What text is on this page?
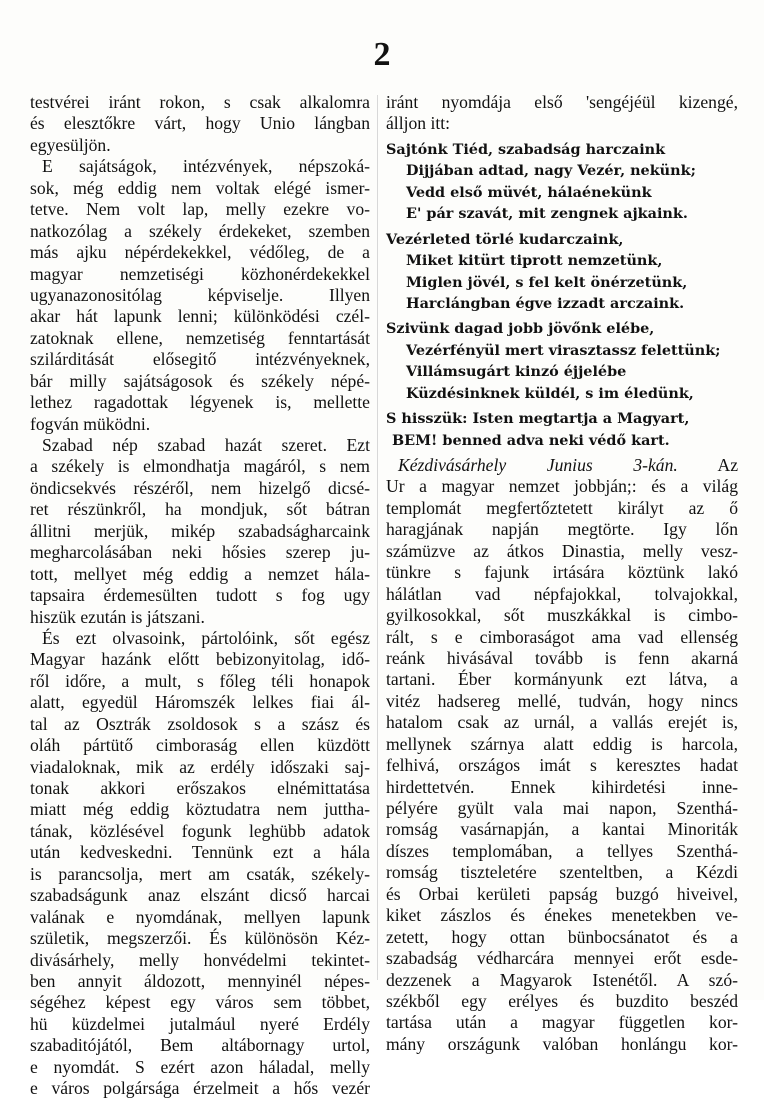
2
testvérei iránt rokon, s csak alkalomra
és elesztőkre várt, hogy Unio lángban
egyesüljön.
E sajátságok, intézvények, népszoká-
sok, még eddig nem voltak elégé ismer-
tetve. Nem volt lap, melly ezekre vo-
natkozólag a székely érdekeket, szemben
más ajku népérdekekkel, védőleg, de a
magyar nemzetiségi közhonérdekekkel
ugyanazonositólag képviselje. Illyen
akar hát lapunk lenni; különködési czél-
zatoknak ellene, nemzetiség fenntartását
szilárditását elősegitő intézvényeknek,
bár milly sajátságosok és székely népé-
lethez ragadottak légyenek is, mellette
fogván müködni.
Szabad nép szabad hazát szeret. Ezt
a székely is elmondhatja magáról, s nem
öndicsekvés részéről, nem hizelgő dicsé-
ret részünkről, ha mondjuk, sőt bátran
állitni merjük, mikép szabadságharcaink
megharcolásában neki hősies szerep ju-
tott, mellyet még eddig a nemzet hála-
tapsaira érdemesülten tudott s fog ugy
hiszük ezután is játszani.
És ezt olvasoink, pártolóink, sőt egész
Magyar hazánk előtt bebizonyitolag, idő-
ről időre, a mult, s főleg téli honapok
alatt, egyedül Háromszék lelkes fiai ál-
tal az Osztrák zsoldosok s a szász és
oláh pártütő cimboraság ellen küzdött
viadaloknak, mik az erdély időszaki saj-
tonak akkori erőszakos elnémittatása
miatt még eddig köztudatra nem juttha-
tának, közlésével fogunk leghübb adatok
után kedveskedni. Tennünk ezt a hála
is parancsolja, mert am csaták, székely-
szabadságunk anaz elszánt dicső harcai
valának e nyomdának, mellyen lapunk
születik, megszerzői. És különösön Kéz-
divásárhely, melly honvédelmi tekintet-
ben annyit áldozott, mennyinél népes-
ségéhez képest egy város sem többet,
hü küzdelmei jutalmául nyeré Erdély
szabaditójától, Bem altábornagy urtol,
e nyomdát. S ezért azon háladal, melly
e város polgársága érzelmeit a hős vezér
iránt nyomdája első 'sengéjéül kizengé,
álljon itt:
Sajtónk Tiéd, szabadság harczaink
Dijjában adtad, nagy Vezér, nekünk;
Vedd első müvét, hálaénekünk
E' pár szavát, mit zengnek ajkaink.
Vezérleted törlé kudarczaink,
Miket kitürt tiprott nemzetünk,
Miglen jövél, s fel kelt önérzetünk,
Harclángban égve izzadt arczaink.
Szivünk dagad jobb jövőnk elébe,
Vezérfényül mert virasztassz felettünk;
Villámsugárt kinzó éjjelébe
Küzdésinknek küldél, s im éledünk,
S hisszük: Isten megtartja a Magyart,
BEM! benned adva neki védő kart.
Kézdivásárhely Junius 3-kán. Az
Ur a magyar nemzet jobbján;: és a világ
templomát megfertőztetett királyt az ő
haragjának napján megtörte. Igy lőn
számüzve az átkos Dinastia, melly vesz-
tünkre s fajunk irtására köztünk lakó
hálátlan vad népfajokkal, tolvajokkal,
gyilkosokkal, sőt muszkákkal is cimbo-
rált, s e cimboraságot ama vad ellenség
reánk hivásával tovább is fenn akarná
tartani. Éber kormányunk ezt látva, a
vitéz hadsereg mellé, tudván, hogy nincs
hatalom csak az urnál, a vallás erejét is,
mellynek szárnya alatt eddig is harcola,
felhivá, országos imát s keresztes hadat
hirdettetvén. Ennek kihirdetési inne-
pélyére gyült vala mai napon, Szenthá-
romság vasárnapján, a kantai Minoriták
díszes templomában, a tellyes Szenthá-
romság tiszteletére szenteltben, a Kézdi
és Orbai kerületi papság buzgó hiveivel,
kiket zászlos és énekes menetekben ve-
zetett, hogy ottan bünbocsánatot és a
szabadság védharcára mennyei erőt esde-
dezzenek a Magyarok Istenétől. A szó-
székből egy erélyes és buzdito beszéd
tartása után a magyar független kor-
mány országunk valóban honlángu kor-
